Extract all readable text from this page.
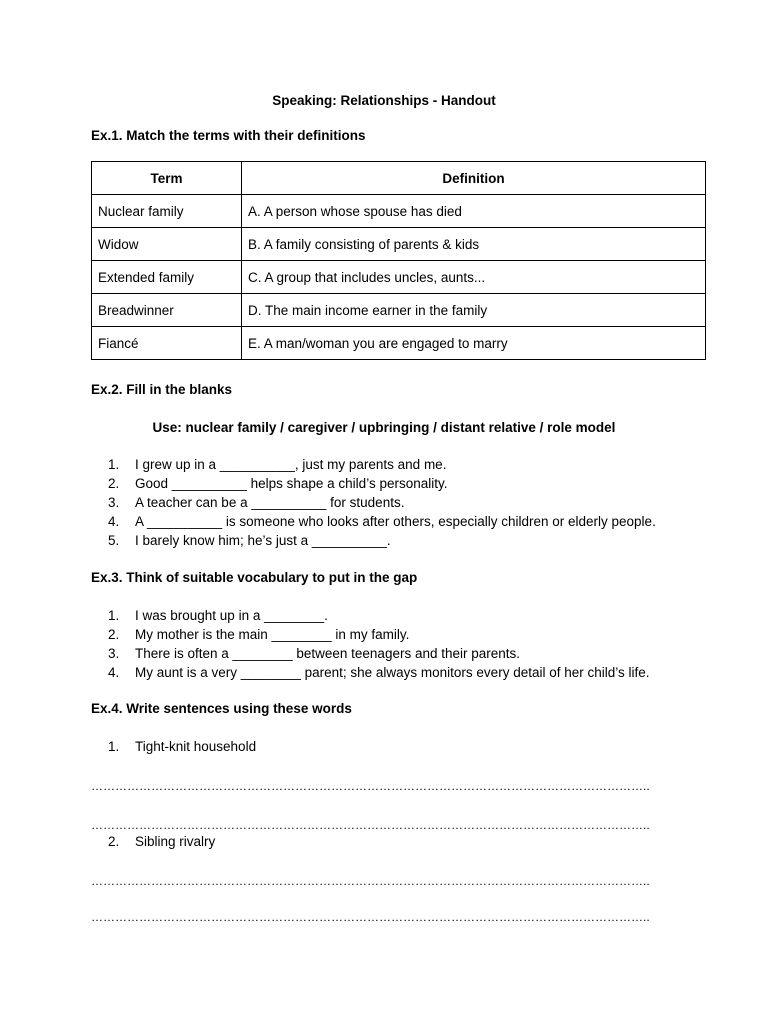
Speaking: Relationships - Handout
Ex.1. Match the terms with their definitions
Term	Definition
Nuclear family	A. A person whose spouse has died
Widow	B. A family consisting of parents & kids
Extended family	C. A group that includes uncles, aunts...
Breadwinner	D. The main income earner in the family
Fiancé	E. A man/woman you are engaged to marry
Ex.2. Fill in the blanks
Use: nuclear family / caregiver / upbringing / distant relative / role model
1. I grew up in a __________, just my parents and me.
2. Good __________ helps shape a child’s personality.
3. A teacher can be a __________ for students.
4. A __________ is someone who looks after others, especially children or elderly people.
5. I barely know him; he’s just a __________.
Ex.3. Think of suitable vocabulary to put in the gap
1. I was brought up in a ________.
2. My mother is the main ________ in my family.
3. There is often a ________ between teenagers and their parents.
4. My aunt is a very ________ parent; she always monitors every detail of her child’s life.
Ex.4. Write sentences using these words
1. Tight-knit household
…………………………………………………………………………………………………………………………..
…………………………………………………………………………………………………………………………..
2. Sibling rivalry
…………………………………………………………………………………………………………………………..
…………………………………………………………………………………………………………………………..
